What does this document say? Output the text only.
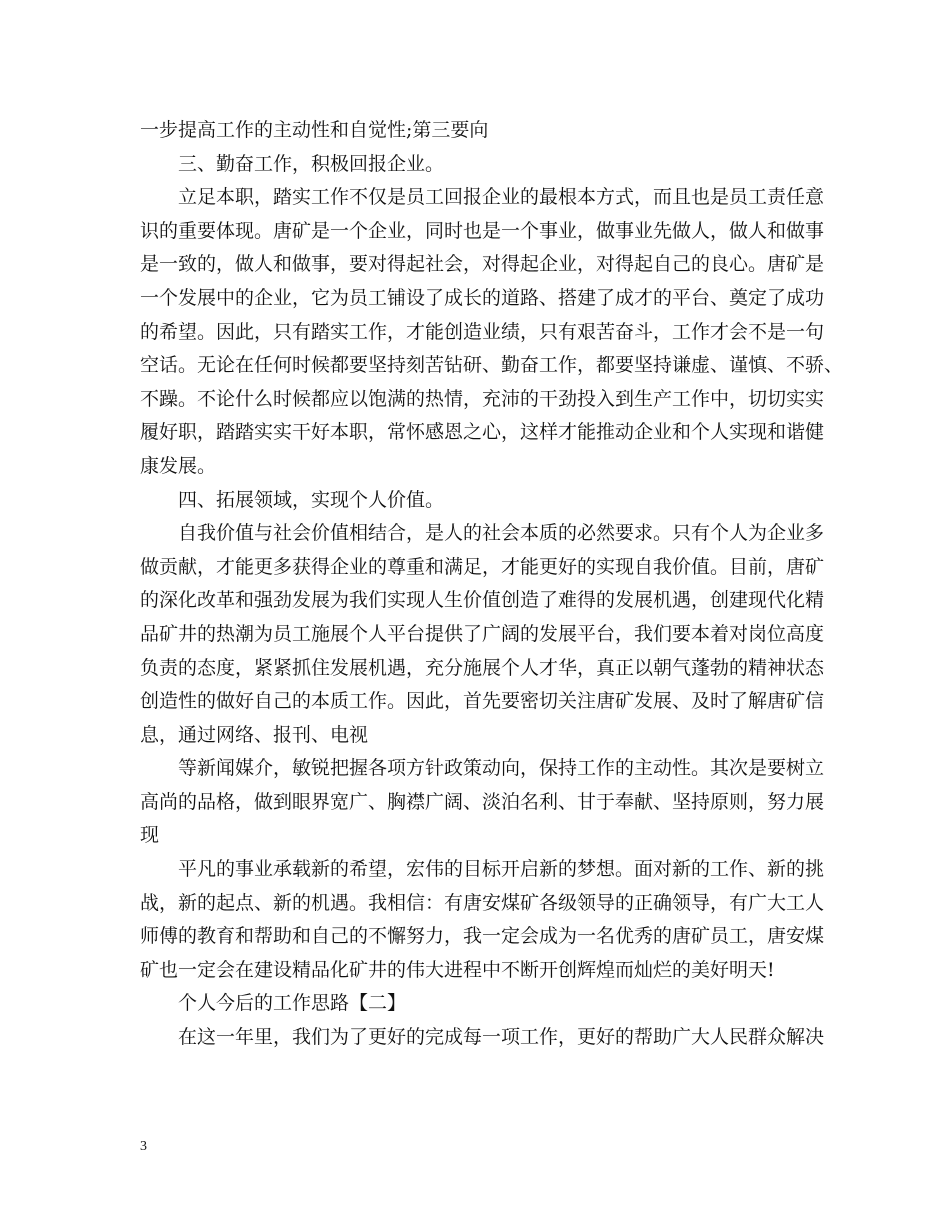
一步提高工作的主动性和自觉性;第三要向
三、勤奋工作，积极回报企业。
立足本职，踏实工作不仅是员工回报企业的最根本方式，而且也是员工责任意
识的重要体现。唐矿是一个企业，同时也是一个事业，做事业先做人，做人和做事
是一致的，做人和做事，要对得起社会，对得起企业，对得起自己的良心。唐矿是
一个发展中的企业，它为员工铺设了成长的道路、搭建了成才的平台、奠定了成功
的希望。因此，只有踏实工作，才能创造业绩，只有艰苦奋斗，工作才会不是一句
空话。无论在任何时候都要坚持刻苦钻研、勤奋工作，都要坚持谦虚、谨慎、不骄、
不躁。不论什么时候都应以饱满的热情，充沛的干劲投入到生产工作中，切切实实
履好职，踏踏实实干好本职，常怀感恩之心，这样才能推动企业和个人实现和谐健
康发展。
四、拓展领域，实现个人价值。
自我价值与社会价值相结合，是人的社会本质的必然要求。只有个人为企业多
做贡献，才能更多获得企业的尊重和满足，才能更好的实现自我价值。目前，唐矿
的深化改革和强劲发展为我们实现人生价值创造了难得的发展机遇，创建现代化精
品矿井的热潮为员工施展个人平台提供了广阔的发展平台，我们要本着对岗位高度
负责的态度，紧紧抓住发展机遇，充分施展个人才华，真正以朝气蓬勃的精神状态
创造性的做好自己的本质工作。因此，首先要密切关注唐矿发展、及时了解唐矿信
息，通过网络、报刊、电视
等新闻媒介，敏锐把握各项方针政策动向，保持工作的主动性。其次是要树立
高尚的品格，做到眼界宽广、胸襟广阔、淡泊名利、甘于奉献、坚持原则，努力展
现
平凡的事业承载新的希望，宏伟的目标开启新的梦想。面对新的工作、新的挑
战，新的起点、新的机遇。我相信：有唐安煤矿各级领导的正确领导，有广大工人
师傅的教育和帮助和自己的不懈努力，我一定会成为一名优秀的唐矿员工，唐安煤
矿也一定会在建设精品化矿井的伟大进程中不断开创辉煌而灿烂的美好明天!
个人今后的工作思路【二】
在这一年里，我们为了更好的完成每一项工作，更好的帮助广大人民群众解决
3
